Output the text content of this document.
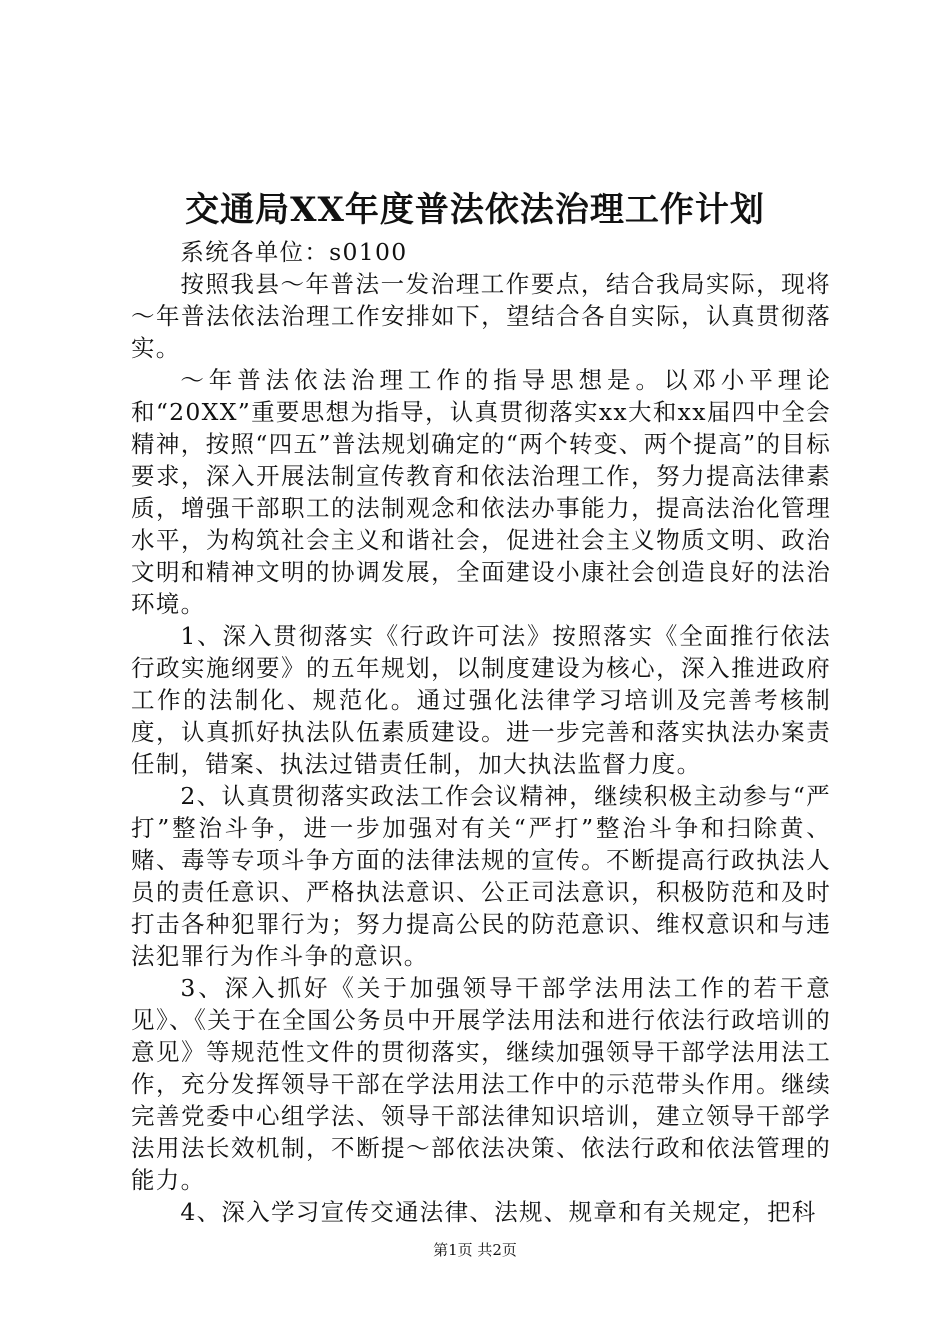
交通局XX年度普法依法治理工作计划

系统各单位：s0100

按照我县～年普法一发治理工作要点，结合我局实际，现将～年普法依法治理工作安排如下，望结合各自实际，认真贯彻落实。

～年普法依法治理工作的指导思想是。以邓小平理论和“20XX”重要思想为指导，认真贯彻落实xx大和xx届四中全会精神，按照“四五”普法规划确定的“两个转变、两个提高”的目标要求，深入开展法制宣传教育和依法治理工作，努力提高法律素质，增强干部职工的法制观念和依法办事能力，提高法治化管理水平，为构筑社会主义和谐社会，促进社会主义物质文明、政治文明和精神文明的协调发展，全面建设小康社会创造良好的法治环境。

1、深入贯彻落实《行政许可法》按照落实《全面推行依法行政实施纲要》的五年规划，以制度建设为核心，深入推进政府工作的法制化、规范化。通过强化法律学习培训及完善考核制度，认真抓好执法队伍素质建设。进一步完善和落实执法办案责任制，错案、执法过错责任制，加大执法监督力度。

2、认真贯彻落实政法工作会议精神，继续积极主动参与“严打”整治斗争，进一步加强对有关“严打”整治斗争和扫除黄、赌、毒等专项斗争方面的法律法规的宣传。不断提高行政执法人员的责任意识、严格执法意识、公正司法意识，积极防范和及时打击各种犯罪行为；努力提高公民的防范意识、维权意识和与违法犯罪行为作斗争的意识。

3、深入抓好《关于加强领导干部学法用法工作的若干意见》、《关于在全国公务员中开展学法用法和进行依法行政培训的意见》等规范性文件的贯彻落实，继续加强领导干部学法用法工作，充分发挥领导干部在学法用法工作中的示范带头作用。继续完善党委中心组学法、领导干部法律知识培训，建立领导干部学法用法长效机制，不断提～部依法决策、依法行政和依法管理的能力。

4、深入学习宣传交通法律、法规、规章和有关规定，把科

第1页 共2页
